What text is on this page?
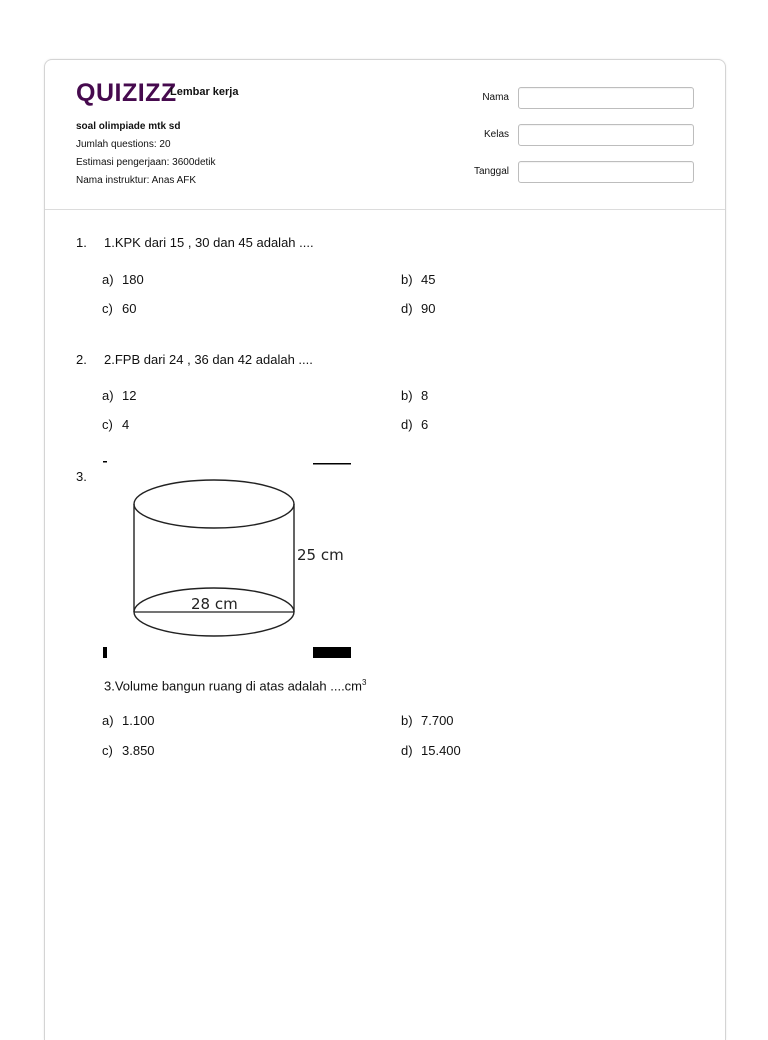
QUIZIZZ
Lembar kerja
soal olimpiade mtk sd
Jumlah questions: 20
Estimasi pengerjaan: 3600detik
Nama instruktur: Anas AFK
Nama
Kelas
Tanggal
1. 1.KPK dari 15 , 30 dan 45 adalah ....
a) 180	b) 45
c) 60	d) 90
2. 2.FPB dari 24 , 36 dan 42 adalah ....
a) 12	b) 8
c) 4	d) 6
3.
25 cm
28 cm
3.Volume bangun ruang di atas adalah $....cm^3$
a) 1.100	b) 7.700
c) 3.850	d) 15.400
